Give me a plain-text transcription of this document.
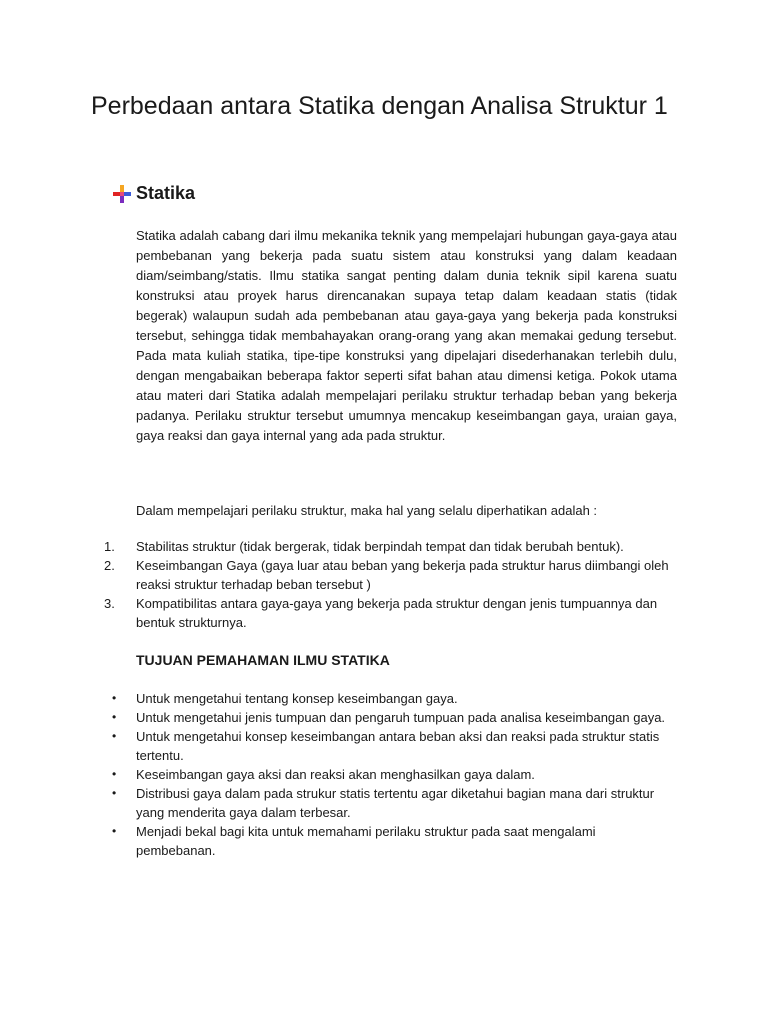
Perbedaan antara Statika dengan Analisa Struktur 1
Statika

Statika adalah cabang dari ilmu mekanika teknik yang mempelajari hubungan gaya-gaya atau pembebanan yang bekerja pada suatu sistem atau konstruksi yang dalam keadaan diam/seimbang/statis. Ilmu statika sangat penting dalam dunia teknik sipil karena suatu konstruksi atau proyek harus direncanakan supaya tetap dalam keadaan statis (tidak begerak) walaupun sudah ada pembebanan atau gaya-gaya yang bekerja pada konstruksi tersebut, sehingga tidak membahayakan orang-orang yang akan memakai gedung tersebut. Pada mata kuliah statika, tipe-tipe konstruksi yang dipelajari disederhanakan terlebih dulu, dengan mengabaikan beberapa faktor seperti sifat bahan atau dimensi ketiga. Pokok utama atau materi dari Statika adalah mempelajari perilaku struktur terhadap beban yang bekerja padanya. Perilaku struktur tersebut umumnya mencakup keseimbangan gaya, uraian gaya, gaya reaksi dan gaya internal yang ada pada struktur.

Dalam mempelajari perilaku struktur, maka hal yang selalu diperhatikan adalah :

1.	Stabilitas struktur (tidak bergerak, tidak berpindah tempat dan tidak berubah bentuk).
2.	Keseimbangan Gaya (gaya luar atau beban yang bekerja pada struktur harus diimbangi oleh reaksi struktur terhadap beban tersebut )
3.	Kompatibilitas antara gaya-gaya yang bekerja pada struktur dengan jenis tumpuannya dan bentuk strukturnya.
TUJUAN PEMAHAMAN ILMU STATIKA
•	Untuk mengetahui tentang konsep keseimbangan gaya.
•	Untuk mengetahui jenis tumpuan dan pengaruh tumpuan pada analisa keseimbangan gaya.
•	Untuk mengetahui konsep keseimbangan antara beban aksi dan reaksi pada struktur statis tertentu.
•	Keseimbangan gaya aksi dan reaksi akan menghasilkan gaya dalam.
•	Distribusi gaya dalam pada strukur statis tertentu agar diketahui bagian mana dari struktur yang menderita gaya dalam terbesar.
•	Menjadi bekal bagi kita untuk memahami perilaku struktur pada saat mengalami pembebanan.
